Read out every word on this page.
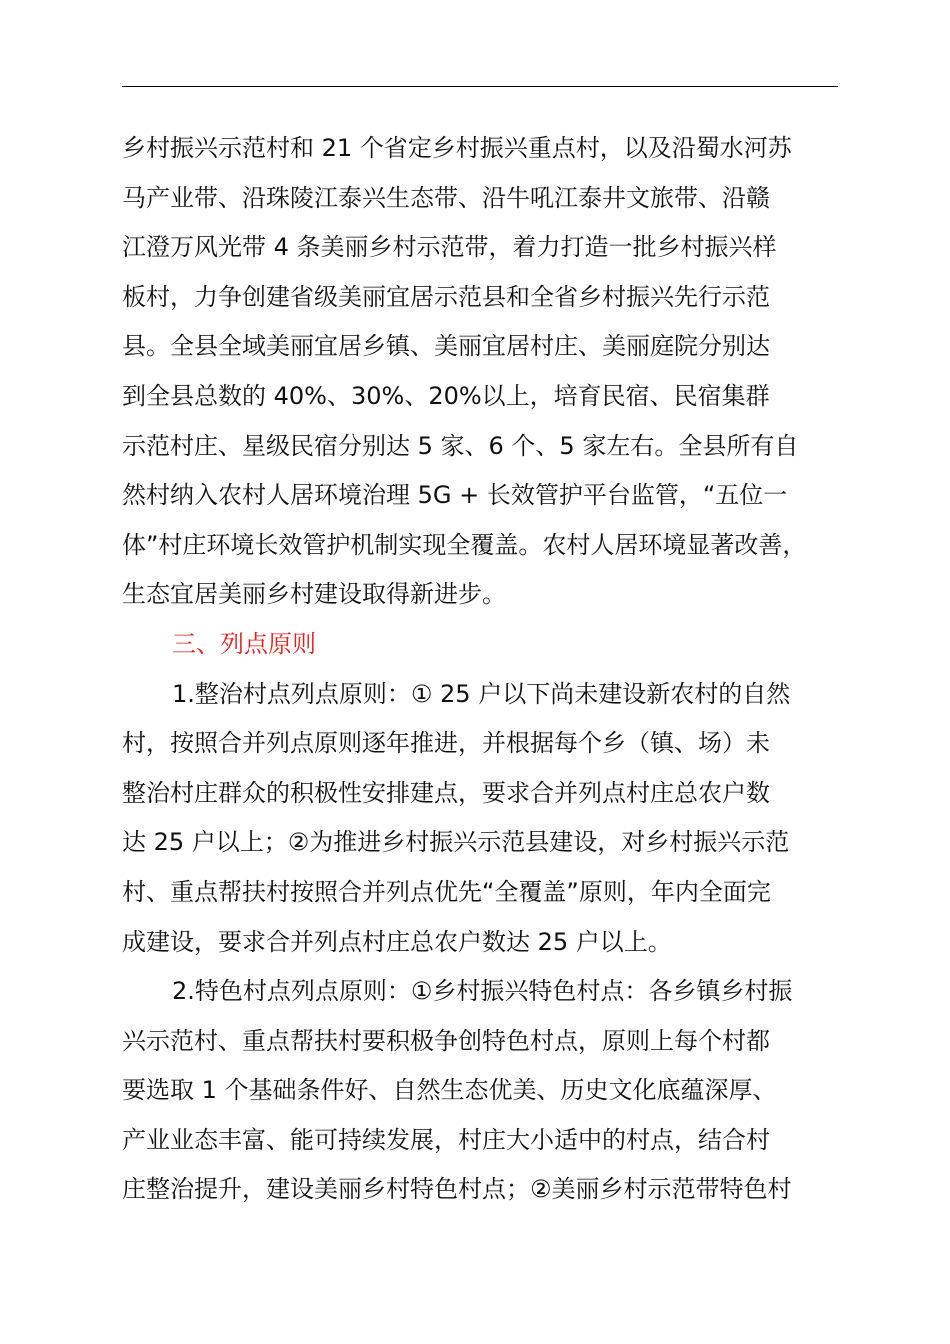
乡村振兴示范村和 21 个省定乡村振兴重点村，以及沿蜀水河苏
马产业带、沿珠陵江泰兴生态带、沿牛吼江泰井文旅带、沿赣
江澄万风光带 4 条美丽乡村示范带，着力打造一批乡村振兴样
板村，力争创建省级美丽宜居示范县和全省乡村振兴先行示范
县。全县全域美丽宜居乡镇、美丽宜居村庄、美丽庭院分别达
到全县总数的 40%、30%、20%以上，培育民宿、民宿集群
示范村庄、星级民宿分别达 5 家、6 个、5 家左右。全县所有自
然村纳入农村人居环境治理 5G + 长效管护平台监管，“五位一
体”村庄环境长效管护机制实现全覆盖。农村人居环境显著改善，
生态宜居美丽乡村建设取得新进步。
三、列点原则
1.整治村点列点原则：① 25 户以下尚未建设新农村的自然
村，按照合并列点原则逐年推进，并根据每个乡（镇、场）未
整治村庄群众的积极性安排建点，要求合并列点村庄总农户数
达 25 户以上；②为推进乡村振兴示范县建设，对乡村振兴示范
村、重点帮扶村按照合并列点优先“全覆盖”原则，年内全面完
成建设，要求合并列点村庄总农户数达 25 户以上。
2.特色村点列点原则：①乡村振兴特色村点：各乡镇乡村振
兴示范村、重点帮扶村要积极争创特色村点，原则上每个村都
要选取 1 个基础条件好、自然生态优美、历史文化底蕴深厚、
产业业态丰富、能可持续发展，村庄大小适中的村点，结合村
庄整治提升，建设美丽乡村特色村点；②美丽乡村示范带特色村
